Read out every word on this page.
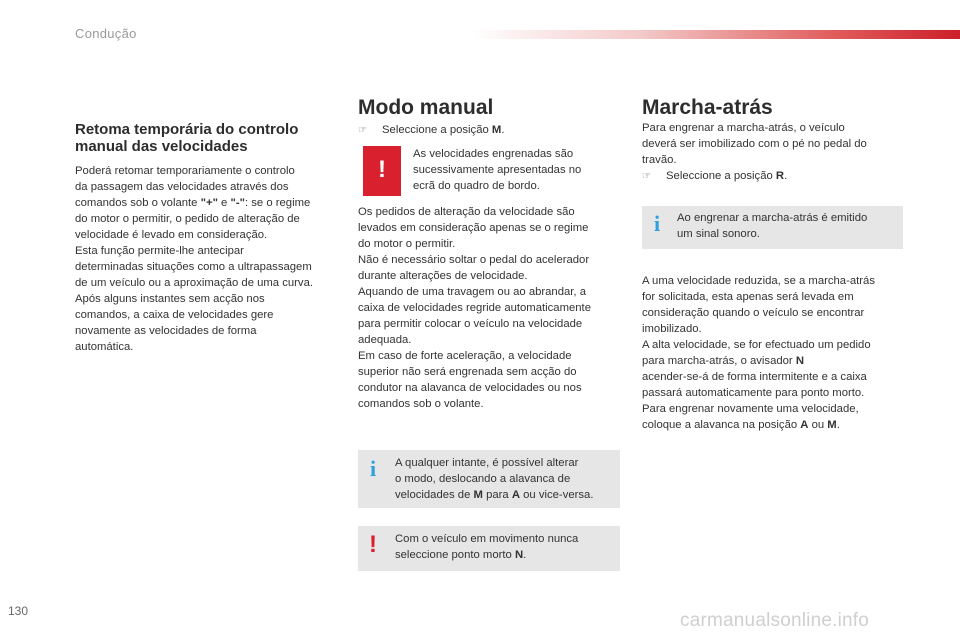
Condução
Retoma temporária do controlo
manual das velocidades

Poderá retomar temporariamente o controlo
da passagem das velocidades através dos
comandos sob o volante "+" e "-": se o regime
do motor o permitir, o pedido de alteração de
velocidade é levado em consideração.
Esta função permite-lhe antecipar
determinadas situações como a ultrapassagem
de um veículo ou a aproximação de uma curva.
Após alguns instantes sem acção nos
comandos, a caixa de velocidades gere
novamente as velocidades de forma
automática.

Modo manual
☞ Seleccione a posição M.
!
As velocidades engrenadas são
sucessivamente apresentadas no
ecrã do quadro de bordo.
Os pedidos de alteração da velocidade são
levados em consideração apenas se o regime
do motor o permitir.
Não é necessário soltar o pedal do acelerador
durante alterações de velocidade.
Aquando de uma travagem ou ao abrandar, a
caixa de velocidades regride automaticamente
para permitir colocar o veículo na velocidade
adequada.
Em caso de forte aceleração, a velocidade
superior não será engrenada sem acção do
condutor na alavanca de velocidades ou nos
comandos sob o volante.
i A qualquer intante, é possível alterar
o modo, deslocando a alavanca de
velocidades de M para A ou vice-versa.
! Com o veículo em movimento nunca
seleccione ponto morto N.
Marcha-atrás
Para engrenar a marcha-atrás, o veículo
deverá ser imobilizado com o pé no pedal do
travão.
☞ Seleccione a posição R.
i Ao engrenar a marcha-atrás é emitido
um sinal sonoro.
A uma velocidade reduzida, se a marcha-atrás
for solicitada, esta apenas será levada em
consideração quando o veículo se encontrar
imobilizado.
A alta velocidade, se for efectuado um pedido
para marcha-atrás, o avisador N
acender-se-á de forma intermitente e a caixa
passará automaticamente para ponto morto.
Para engrenar novamente uma velocidade,
coloque a alavanca na posição A ou M.
130	carmanualsonline.info
